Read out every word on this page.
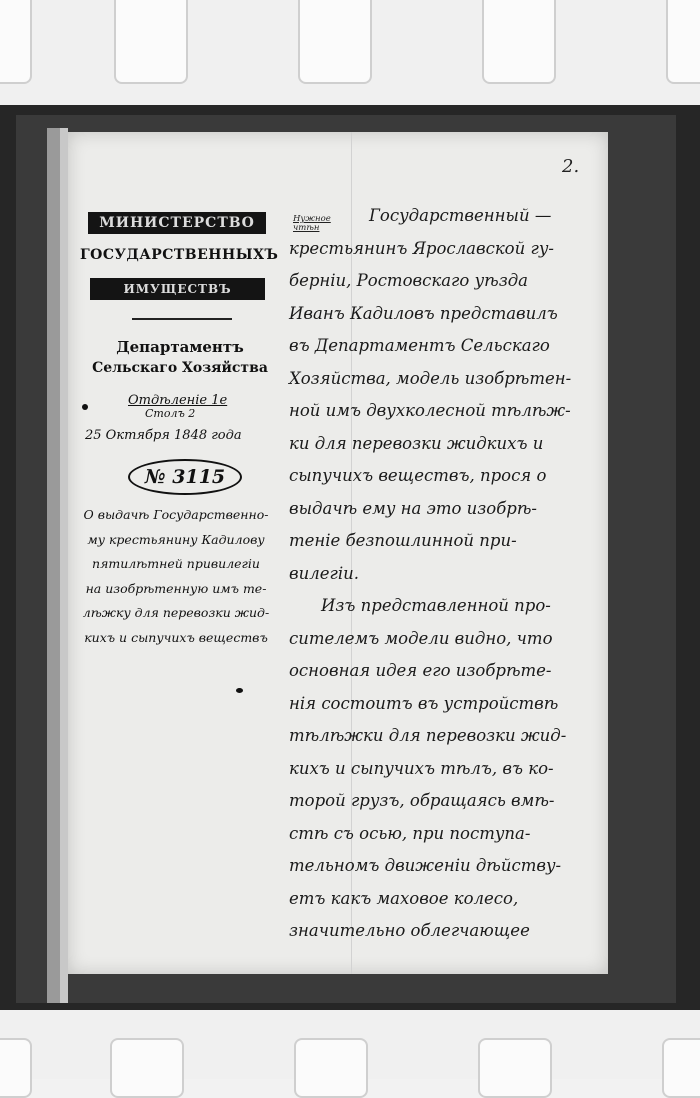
2.
МИНИСТЕРСТВО
ГОСУДАРСТВЕННЫХЪ
ИМУЩЕСТВЪ
Департаментъ
Сельскаго Хозяйства
Отдѣленiе 1е
Столъ 2
25 Октября 1848 года
№ 3115
О выдачѣ Государственно-
му крестьянину Кадилову
пятилѣтней привилегiи
на изобрѣтенную имъ те-
лѣжку для перевозки жид-
кихъ и сыпучихъ веществъ
Нужное
чтѣн
Государственный —
крестьянинъ Ярославской гу-
бернiи, Ростовскаго уѣзда
Иванъ Кадиловъ представилъ
въ Департаментъ Сельскаго
Хозяйства, модель изобрѣтен-
ной имъ двухколесной тѣлѣж-
ки для перевозки жидкихъ и
сыпучихъ веществъ, прося о
выдачѣ ему на это изобрѣ-
тенiе безпошлинной при-
вилегiи.
Изъ представленной про-
сителемъ модели видно, что
основная идея его изобрѣте-
нiя состоитъ въ устройствѣ
тѣлѣжки для перевозки жид-
кихъ и сыпучихъ тѣлъ, въ ко-
торой грузъ, обращаясь вмѣ-
стѣ съ осью, при поступа-
тельномъ движенiи дѣйству-
етъ какъ маховое колесо,
значительно облегчающее
